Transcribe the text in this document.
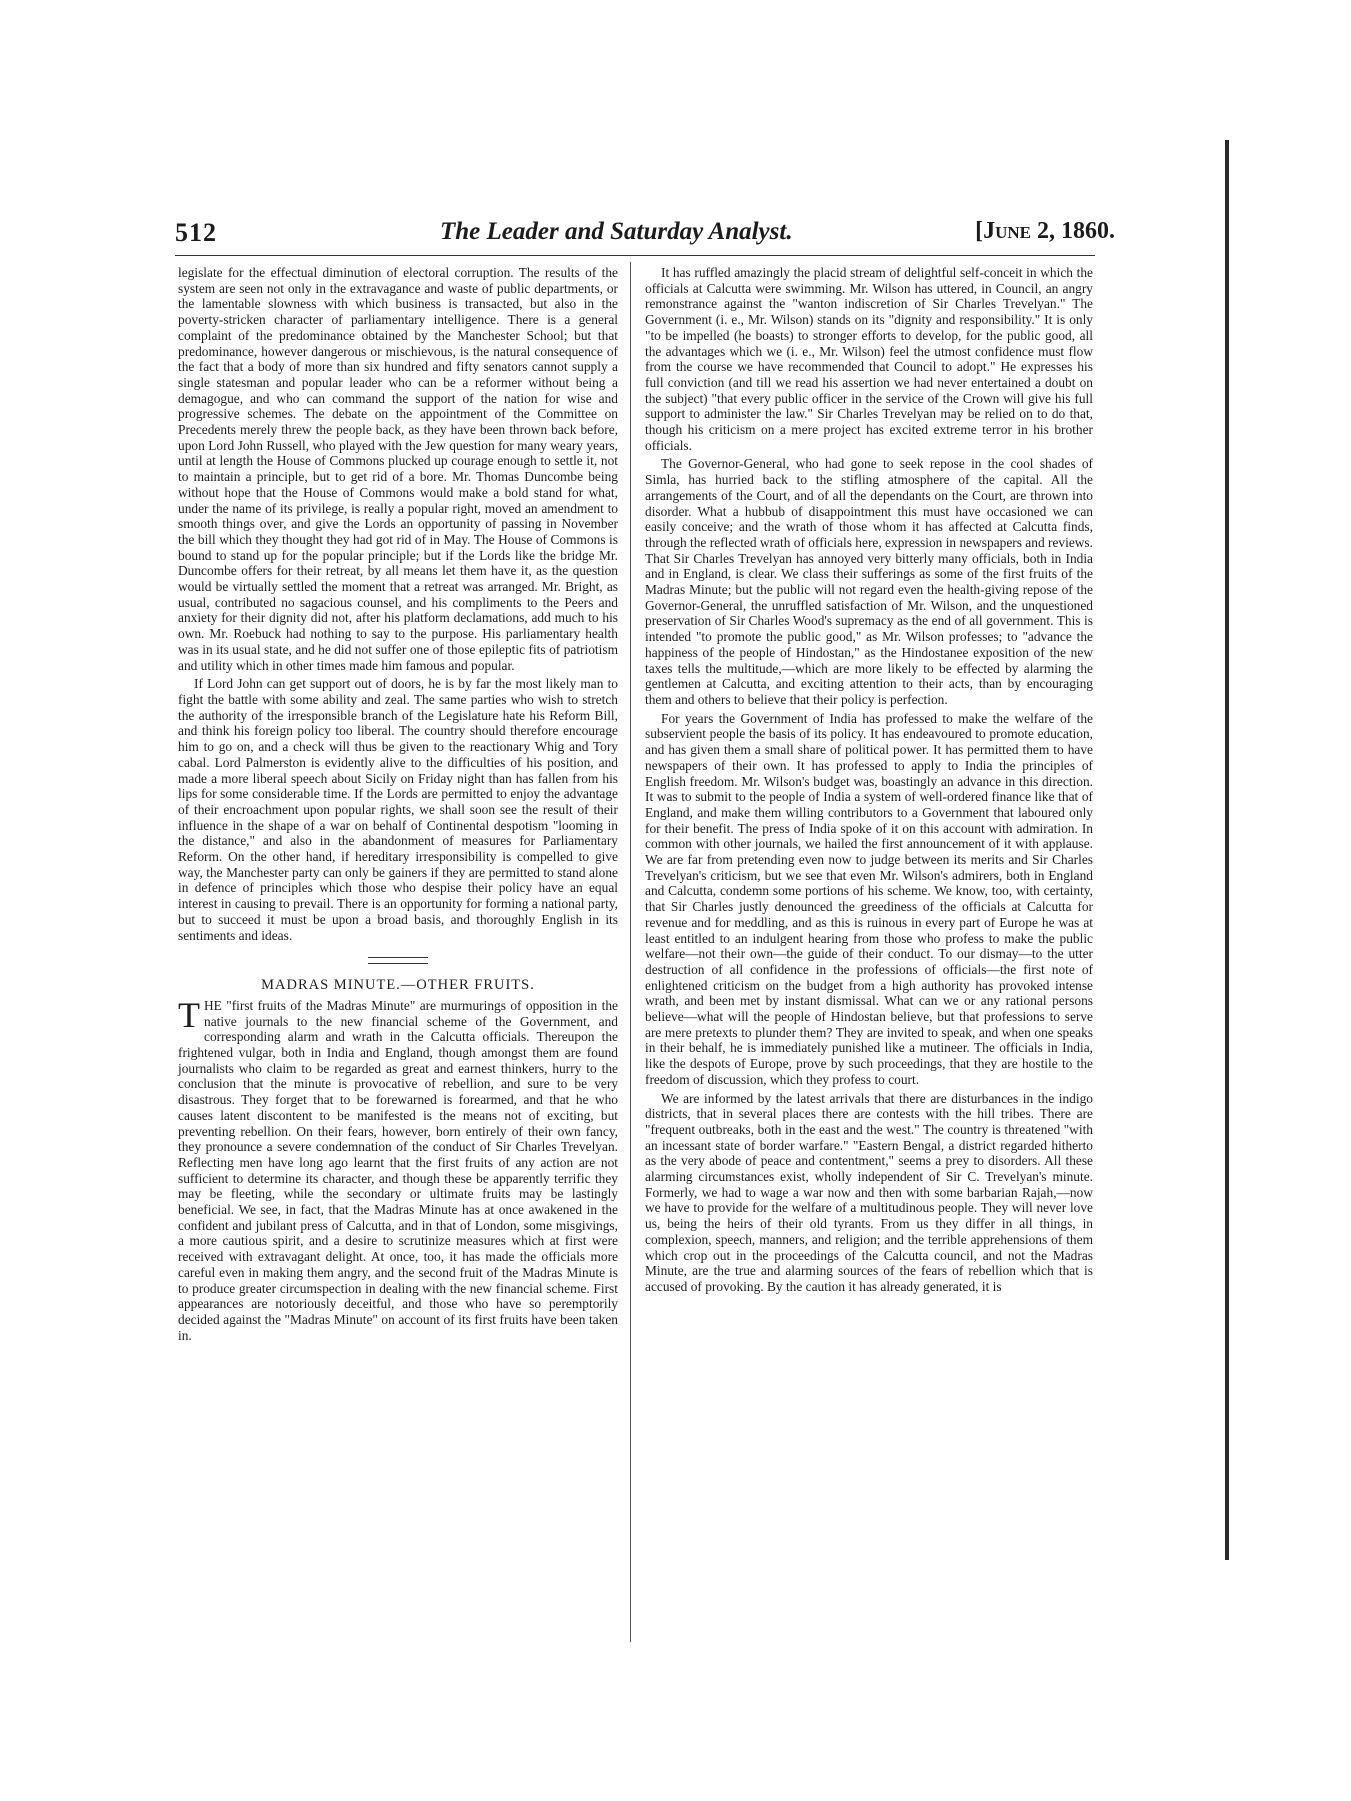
512	The Leader and Saturday Analyst.	[June 2, 1860.

legislate for the effectual diminution of electoral corruption. The results of the system are seen not only in the extravagance and waste of public departments, or the lamentable slowness with which business is transacted, but also in the poverty-stricken character of parliamentary intelligence. There is a general complaint of the predominance obtained by the Manchester School; but that predominance, however dangerous or mischievous, is the natural consequence of the fact that a body of more than six hundred and fifty senators cannot supply a single statesman and popular leader who can be a reformer without being a demagogue, and who can command the support of the nation for wise and progressive schemes. The debate on the appointment of the Committee on Precedents merely threw the people back, as they have been thrown back before, upon Lord John Russell, who played with the Jew question for many weary years, until at length the House of Commons plucked up courage enough to settle it, not to maintain a principle, but to get rid of a bore. Mr. Thomas Duncombe being without hope that the House of Commons would make a bold stand for what, under the name of its privilege, is really a popular right, moved an amendment to smooth things over, and give the Lords an opportunity of passing in November the bill which they thought they had got rid of in May. The House of Commons is bound to stand up for the popular principle; but if the Lords like the bridge Mr. Duncombe offers for their retreat, by all means let them have it, as the question would be virtually settled the moment that a retreat was arranged. Mr. Bright, as usual, contributed no sagacious counsel, and his compliments to the Peers and anxiety for their dignity did not, after his platform declamations, add much to his own. Mr. Roebuck had nothing to say to the purpose. His parliamentary health was in its usual state, and he did not suffer one of those epileptic fits of patriotism and utility which in other times made him famous and popular.

If Lord John can get support out of doors, he is by far the most likely man to fight the battle with some ability and zeal. The same parties who wish to stretch the authority of the irresponsible branch of the Legislature hate his Reform Bill, and think his foreign policy too liberal. The country should therefore encourage him to go on, and a check will thus be given to the reactionary Whig and Tory cabal. Lord Palmerston is evidently alive to the difficulties of his position, and made a more liberal speech about Sicily on Friday night than has fallen from his lips for some considerable time. If the Lords are permitted to enjoy the advantage of their encroachment upon popular rights, we shall soon see the result of their influence in the shape of a war on behalf of Continental despotism "looming in the distance," and also in the abandonment of measures for Parliamentary Reform. On the other hand, if hereditary irresponsibility is compelled to give way, the Manchester party can only be gainers if they are permitted to stand alone in defence of principles which those who despise their policy have an equal interest in causing to prevail. There is an opportunity for forming a national party, but to succeed it must be upon a broad basis, and thoroughly English in its sentiments and ideas.

MADRAS MINUTE.—OTHER FRUITS.

THE "first fruits of the Madras Minute" are murmurings of opposition in the native journals to the new financial scheme of the Government, and corresponding alarm and wrath in the Calcutta officials. Thereupon the frightened vulgar, both in India and England, though amongst them are found journalists who claim to be regarded as great and earnest thinkers, hurry to the conclusion that the minute is provocative of rebellion, and sure to be very disastrous. They forget that to be forewarned is forearmed, and that he who causes latent discontent to be manifested is the means not of exciting, but preventing rebellion. On their fears, however, born entirely of their own fancy, they pronounce a severe condemnation of the conduct of Sir Charles Trevelyan. Reflecting men have long ago learnt that the first fruits of any action are not sufficient to determine its character, and though these be apparently terrific they may be fleeting, while the secondary or ultimate fruits may be lastingly beneficial. We see, in fact, that the Madras Minute has at once awakened in the confident and jubilant press of Calcutta, and in that of London, some misgivings, a more cautious spirit, and a desire to scrutinize measures which at first were received with extravagant delight. At once, too, it has made the officials more careful even in making them angry, and the second fruit of the Madras Minute is to produce greater circumspection in dealing with the new financial scheme. First appearances are notoriously deceitful, and those who have so peremptorily decided against the "Madras Minute" on account of its first fruits have been taken in.

It has ruffled amazingly the placid stream of delightful self-conceit in which the officials at Calcutta were swimming. Mr. Wilson has uttered, in Council, an angry remonstrance against the "wanton indiscretion of Sir Charles Trevelyan." The Government (i. e., Mr. Wilson) stands on its "dignity and responsibility." It is only "to be impelled (he boasts) to stronger efforts to develop, for the public good, all the advantages which we (i. e., Mr. Wilson) feel the utmost confidence must flow from the course we have recommended that Council to adopt." He expresses his full conviction (and till we read his assertion we had never entertained a doubt on the subject) "that every public officer in the service of the Crown will give his full support to administer the law." Sir Charles Trevelyan may be relied on to do that, though his criticism on a mere project has excited extreme terror in his brother officials.

The Governor-General, who had gone to seek repose in the cool shades of Simla, has hurried back to the stifling atmosphere of the capital. All the arrangements of the Court, and of all the dependants on the Court, are thrown into disorder. What a hubbub of disappointment this must have occasioned we can easily conceive; and the wrath of those whom it has affected at Calcutta finds, through the reflected wrath of officials here, expression in newspapers and reviews. That Sir Charles Trevelyan has annoyed very bitterly many officials, both in India and in England, is clear. We class their sufferings as some of the first fruits of the Madras Minute; but the public will not regard even the health-giving repose of the Governor-General, the unruffled satisfaction of Mr. Wilson, and the unquestioned preservation of Sir Charles Wood's supremacy as the end of all government. This is intended "to promote the public good," as Mr. Wilson professes; to "advance the happiness of the people of Hindostan," as the Hindostanee exposition of the new taxes tells the multitude,—which are more likely to be effected by alarming the gentlemen at Calcutta, and exciting attention to their acts, than by encouraging them and others to believe that their policy is perfection.

For years the Government of India has professed to make the welfare of the subservient people the basis of its policy. It has endeavoured to promote education, and has given them a small share of political power. It has permitted them to have newspapers of their own. It has professed to apply to India the principles of English freedom. Mr. Wilson's budget was, boastingly an advance in this direction. It was to submit to the people of India a system of well-ordered finance like that of England, and make them willing contributors to a Government that laboured only for their benefit. The press of India spoke of it on this account with admiration. In common with other journals, we hailed the first announcement of it with applause. We are far from pretending even now to judge between its merits and Sir Charles Trevelyan's criticism, but we see that even Mr. Wilson's admirers, both in England and Calcutta, condemn some portions of his scheme. We know, too, with certainty, that Sir Charles justly denounced the greediness of the officials at Calcutta for revenue and for meddling, and as this is ruinous in every part of Europe he was at least entitled to an indulgent hearing from those who profess to make the public welfare—not their own—the guide of their conduct. To our dismay—to the utter destruction of all confidence in the professions of officials—the first note of enlightened criticism on the budget from a high authority has provoked intense wrath, and been met by instant dismissal. What can we or any rational persons believe—what will the people of Hindostan believe, but that professions to serve are mere pretexts to plunder them? They are invited to speak, and when one speaks in their behalf, he is immediately punished like a mutineer. The officials in India, like the despots of Europe, prove by such proceedings, that they are hostile to the freedom of discussion, which they profess to court.

We are informed by the latest arrivals that there are disturbances in the indigo districts, that in several places there are contests with the hill tribes. There are "frequent outbreaks, both in the east and the west." The country is threatened "with an incessant state of border warfare." "Eastern Bengal, a district regarded hitherto as the very abode of peace and contentment," seems a prey to disorders. All these alarming circumstances exist, wholly independent of Sir C. Trevelyan's minute. Formerly, we had to wage a war now and then with some barbarian Rajah,—now we have to provide for the welfare of a multitudinous people. They will never love us, being the heirs of their old tyrants. From us they differ in all things, in complexion, speech, manners, and religion; and the terrible apprehensions of them which crop out in the proceedings of the Calcutta council, and not the Madras Minute, are the true and alarming sources of the fears of rebellion which that is accused of provoking. By the caution it has already generated, it is
